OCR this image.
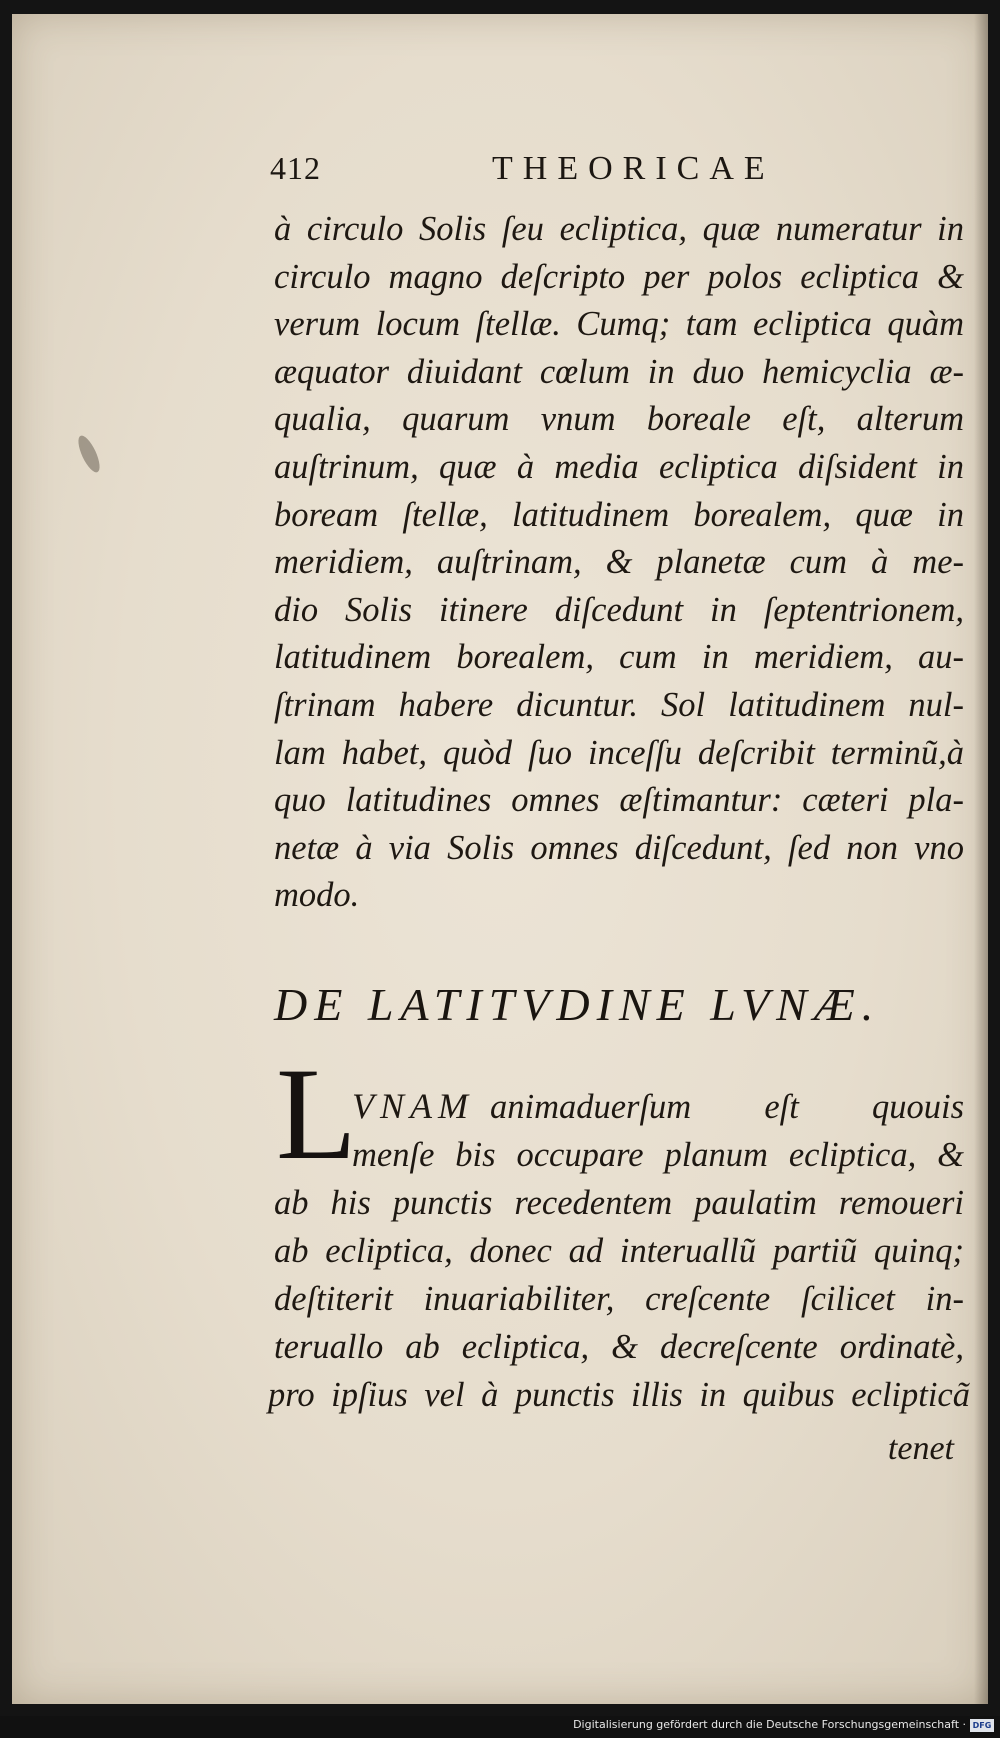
412	THEORICAE
à circulo Solis ſeu ecliptica, quæ numeratur in
circulo magno deſcripto per polos ecliptica &
verum locum ſtellæ. Cumq; tam ecliptica quàm
æquator diuidant cœlum in duo hemicyclia æ-
qualia, quarum vnum boreale eſt, alterum
auſtrinum, quæ à media ecliptica diſsident in
boream ſtellæ, latitudinem borealem, quæ in
meridiem, auſtrinam, & planetæ cum à me-
dio Solis itinere diſcedunt in ſeptentrionem,
latitudinem borealem, cum in meridiem, au-
ſtrinam habere dicuntur. Sol latitudinem nul-
lam habet, quòd ſuo inceſſu deſcribit terminũ,à
quo latitudines omnes æſtimantur: cæteri pla-
netæ à via Solis omnes diſcedunt, ſed non vno
modo.
DE LATITVDINE LVNÆ.
L
VNAM animaduerſum eſt quouis
menſe bis occupare planum ecliptica, &
ab his punctis recedentem paulatim remoueri
ab ecliptica, donec ad interuallũ partiũ quinq;
deſtiterit inuariabiliter, creſcente ſcilicet in-
teruallo ab ecliptica, & decreſcente ordinatè,
pro ipſius vel à punctis illis in quibus eclipticã
tenet
Digitalisierung gefördert durch die Deutsche Forschungsgemeinschaft · DFG
